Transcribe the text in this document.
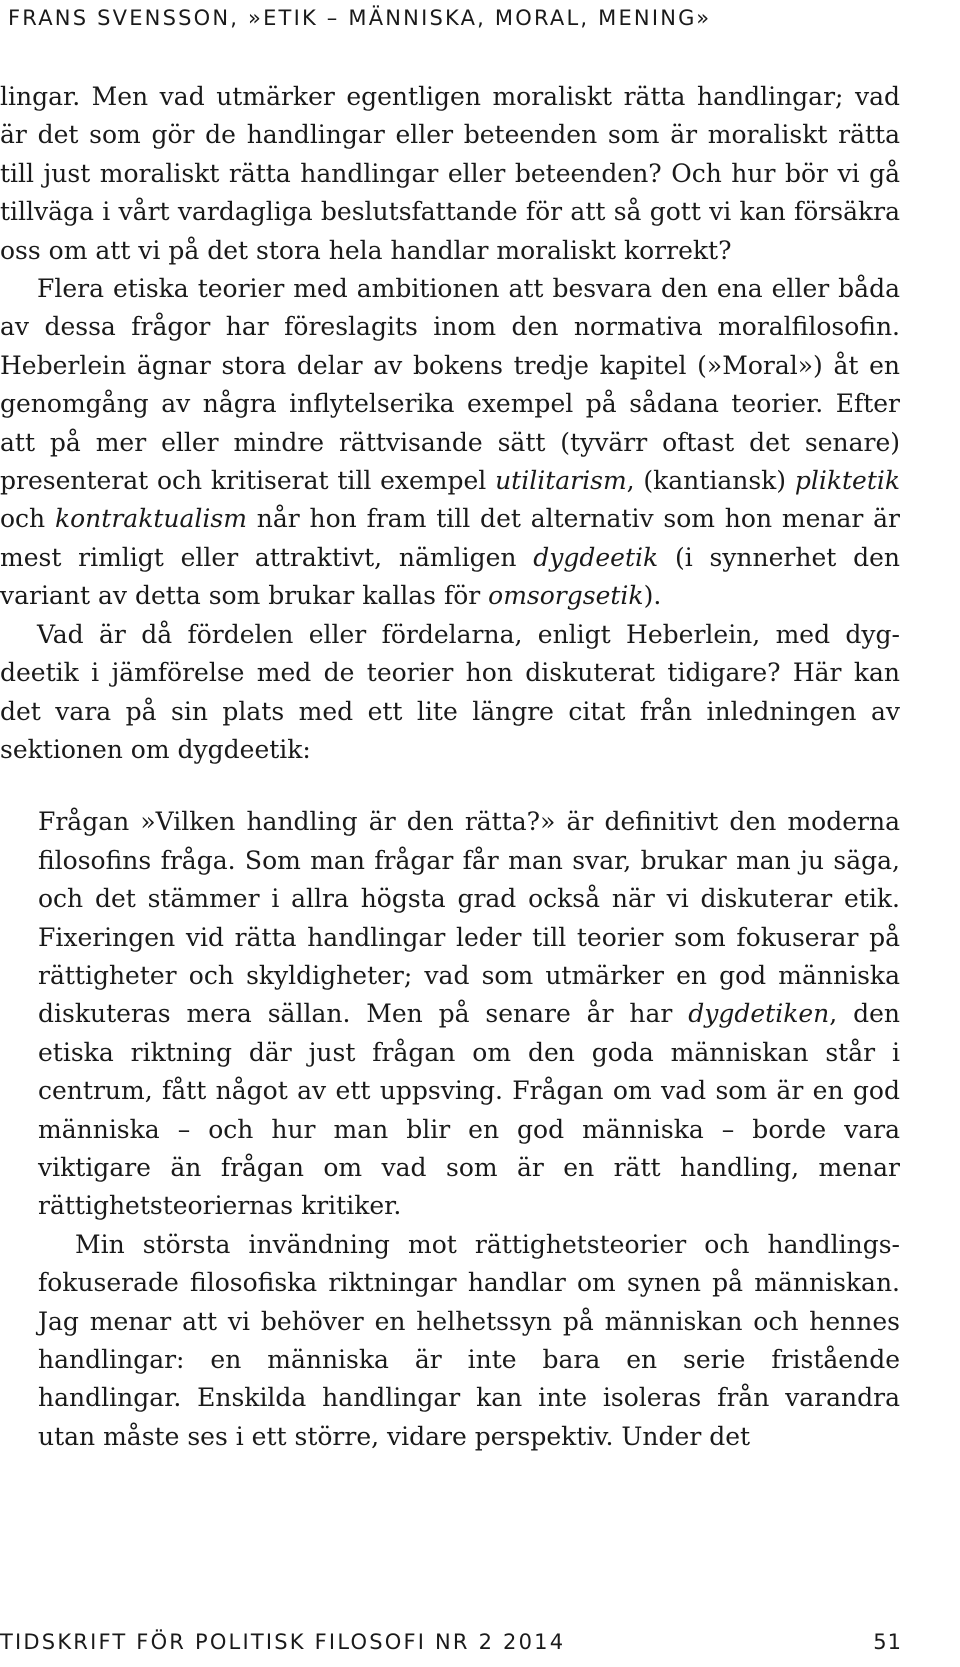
FRANS SVENSSON, »ETIK – MÄNNISKA, MORAL, MENING»

lingar. Men vad utmärker egentligen moraliskt rätta handlingar; vad är det som gör de handlingar eller beteenden som är moraliskt rätta till just moraliskt rätta handlingar eller beteenden? Och hur bör vi gå tillväga i vårt vardagliga beslutsfattande för att så gott vi kan försäkra oss om att vi på det stora hela handlar moraliskt korrekt?

Flera etiska teorier med ambitionen att besvara den ena eller båda av dessa frågor har föreslagits inom den normativa moralfilosofin. Heberlein ägnar stora delar av bokens tredje kapitel (»Moral») åt en genomgång av några inflytelserika exempel på sådana teorier. Efter att på mer eller mindre rättvisande sätt (tyvärr oftast det senare) presenterat och kritiserat till exempel utilitarism, (kantiansk) pliktetik och kontraktualism når hon fram till det alternativ som hon menar är mest rimligt eller attraktivt, nämligen dygdeetik (i synnerhet den variant av detta som brukar kallas för omsorgsetik).

Vad är då fördelen eller fördelarna, enligt Heberlein, med dygdeetik i jämförelse med de teorier hon diskuterat tidigare? Här kan det vara på sin plats med ett lite längre citat från inledningen av sektionen om dygdeetik:

Frågan »Vilken handling är den rätta?» är definitivt den moderna filosofins fråga. Som man frågar får man svar, brukar man ju säga, och det stämmer i allra högsta grad också när vi diskuterar etik. Fixeringen vid rätta handlingar leder till teorier som fokuserar på rättigheter och skyldigheter; vad som utmärker en god människa diskuteras mera sällan. Men på senare år har dygdetiken, den etiska riktning där just frågan om den goda människan står i centrum, fått något av ett uppsving. Frågan om vad som är en god människa – och hur man blir en god människa – borde vara viktigare än frågan om vad som är en rätt handling, menar rättighetsteoriernas kritiker.

Min största invändning mot rättighetsteorier och handlingsfokuserade filosofiska riktningar handlar om synen på människan. Jag menar att vi behöver en helhetssyn på människan och hennes handlingar: en människa är inte bara en serie fristående handlingar. Enskilda handlingar kan inte isoleras från varandra utan måste ses i ett större, vidare perspektiv. Under det

TIDSKRIFT FÖR POLITISK FILOSOFI NR 2 2014	51
